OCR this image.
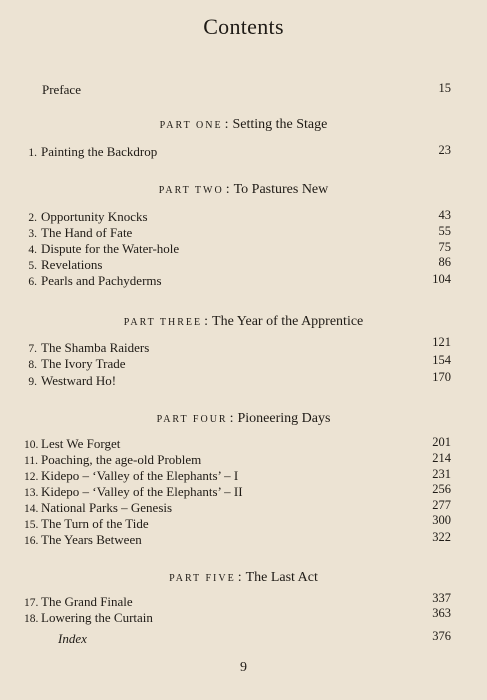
Contents
Preface	15
PART ONE : Setting the Stage
1. Painting the Backdrop	23
PART TWO : To Pastures New
2. Opportunity Knocks	43
3. The Hand of Fate	55
4. Dispute for the Water-hole	75
5. Revelations	86
6. Pearls and Pachyderms	104
PART THREE : The Year of the Apprentice
7. The Shamba Raiders	121
8. The Ivory Trade	154
9. Westward Ho!	170
PART FOUR : Pioneering Days
10. Lest We Forget	201
11. Poaching, the age-old Problem	214
12. Kidepo – ‘Valley of the Elephants’ – I	231
13. Kidepo – ‘Valley of the Elephants’ – II	256
14. National Parks – Genesis	277
15. The Turn of the Tide	300
16. The Years Between	322
PART FIVE : The Last Act
17. The Grand Finale	337
18. Lowering the Curtain	363
Index	376
9
